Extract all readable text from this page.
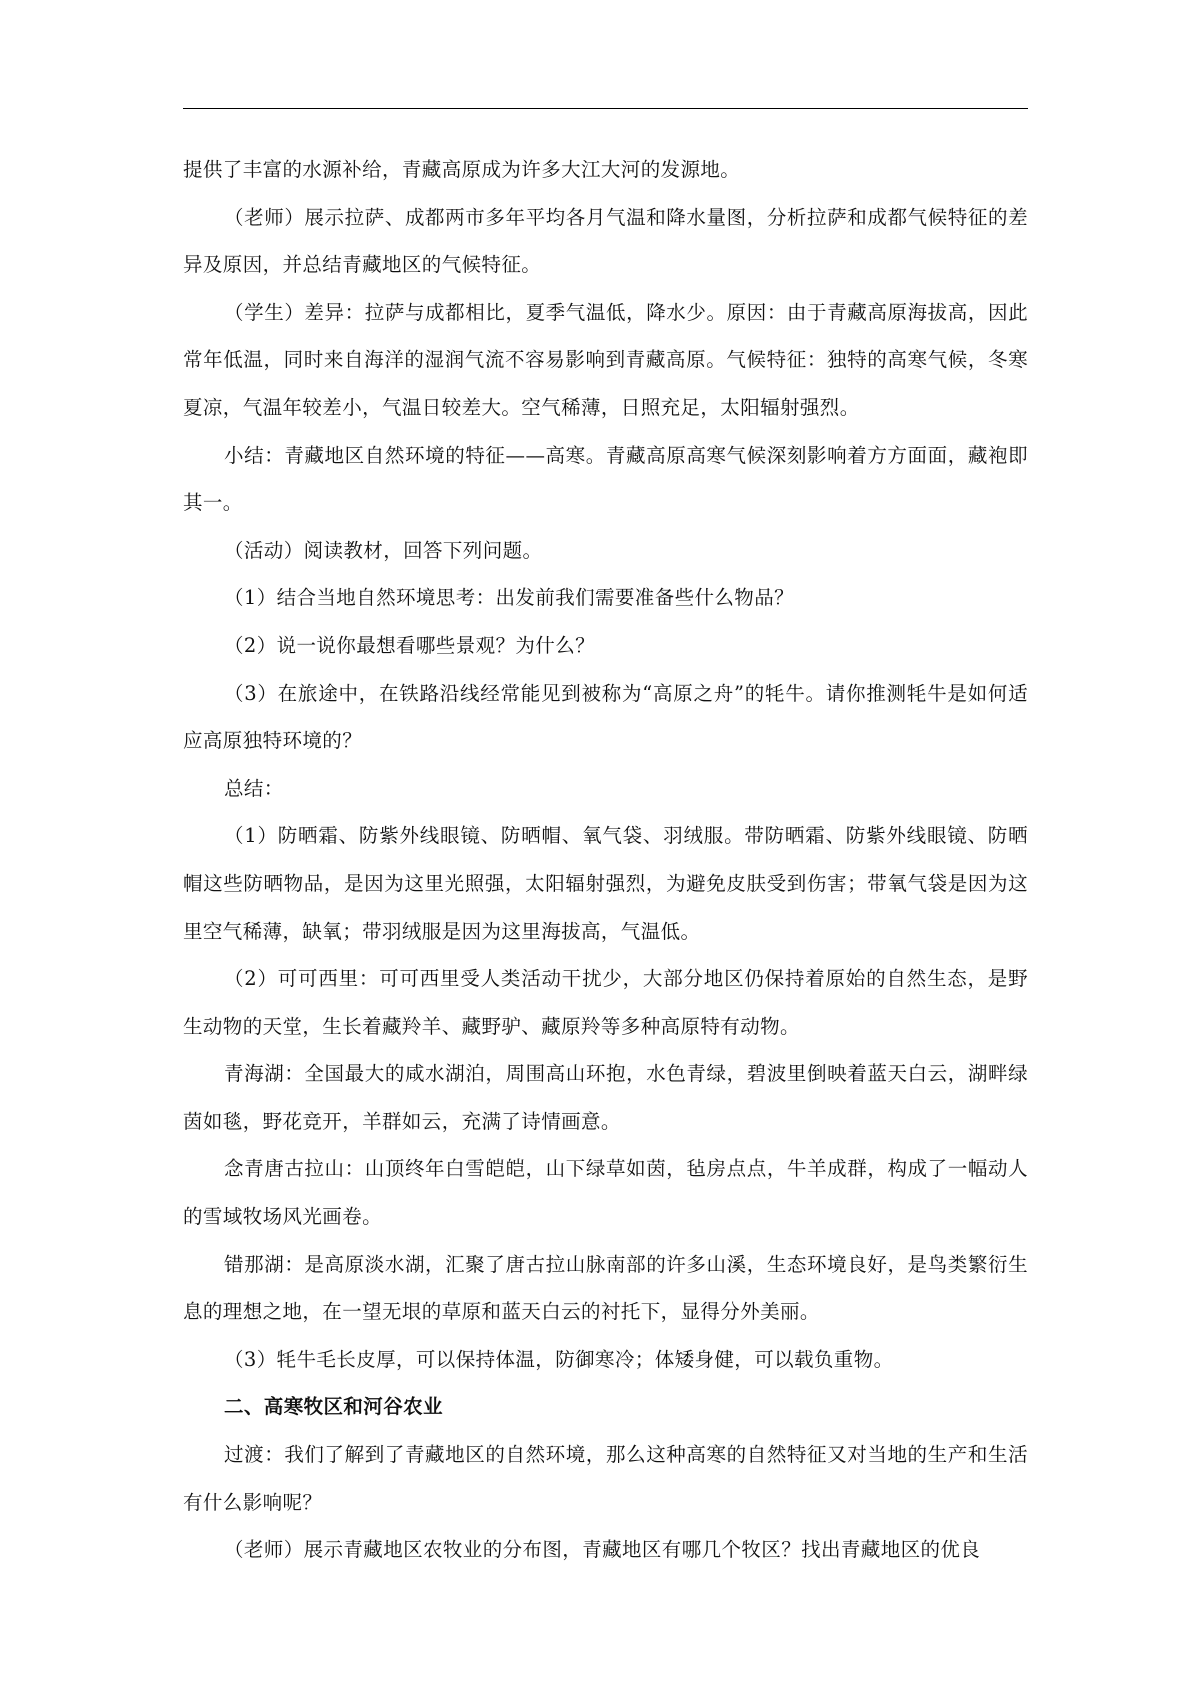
提供了丰富的水源补给，青藏高原成为许多大江大河的发源地。

（老师）展示拉萨、成都两市多年平均各月气温和降水量图，分析拉萨和成都气候特征的差异及原因，并总结青藏地区的气候特征。

（学生）差异：拉萨与成都相比，夏季气温低，降水少。原因：由于青藏高原海拔高，因此常年低温，同时来自海洋的湿润气流不容易影响到青藏高原。气候特征：独特的高寒气候，冬寒夏凉，气温年较差小，气温日较差大。空气稀薄，日照充足，太阳辐射强烈。

小结：青藏地区自然环境的特征——高寒。青藏高原高寒气候深刻影响着方方面面，藏袍即其一。

（活动）阅读教材，回答下列问题。

（1）结合当地自然环境思考：出发前我们需要准备些什么物品？

（2）说一说你最想看哪些景观？为什么？

（3）在旅途中，在铁路沿线经常能见到被称为“高原之舟”的牦牛。请你推测牦牛是如何适应高原独特环境的？

总结：

（1）防晒霜、防紫外线眼镜、防晒帽、氧气袋、羽绒服。带防晒霜、防紫外线眼镜、防晒帽这些防晒物品，是因为这里光照强，太阳辐射强烈，为避免皮肤受到伤害；带氧气袋是因为这里空气稀薄，缺氧；带羽绒服是因为这里海拔高，气温低。

（2）可可西里：可可西里受人类活动干扰少，大部分地区仍保持着原始的自然生态，是野生动物的天堂，生长着藏羚羊、藏野驴、藏原羚等多种高原特有动物。

青海湖：全国最大的咸水湖泊，周围高山环抱，水色青绿，碧波里倒映着蓝天白云，湖畔绿茵如毯，野花竞开，羊群如云，充满了诗情画意。

念青唐古拉山：山顶终年白雪皑皑，山下绿草如茵，毡房点点，牛羊成群，构成了一幅动人的雪域牧场风光画卷。

错那湖：是高原淡水湖，汇聚了唐古拉山脉南部的许多山溪，生态环境良好，是鸟类繁衍生息的理想之地，在一望无垠的草原和蓝天白云的衬托下，显得分外美丽。

（3）牦牛毛长皮厚，可以保持体温，防御寒冷；体矮身健，可以载负重物。

二、高寒牧区和河谷农业

过渡：我们了解到了青藏地区的自然环境，那么这种高寒的自然特征又对当地的生产和生活有什么影响呢？

（老师）展示青藏地区农牧业的分布图，青藏地区有哪几个牧区？找出青藏地区的优良
